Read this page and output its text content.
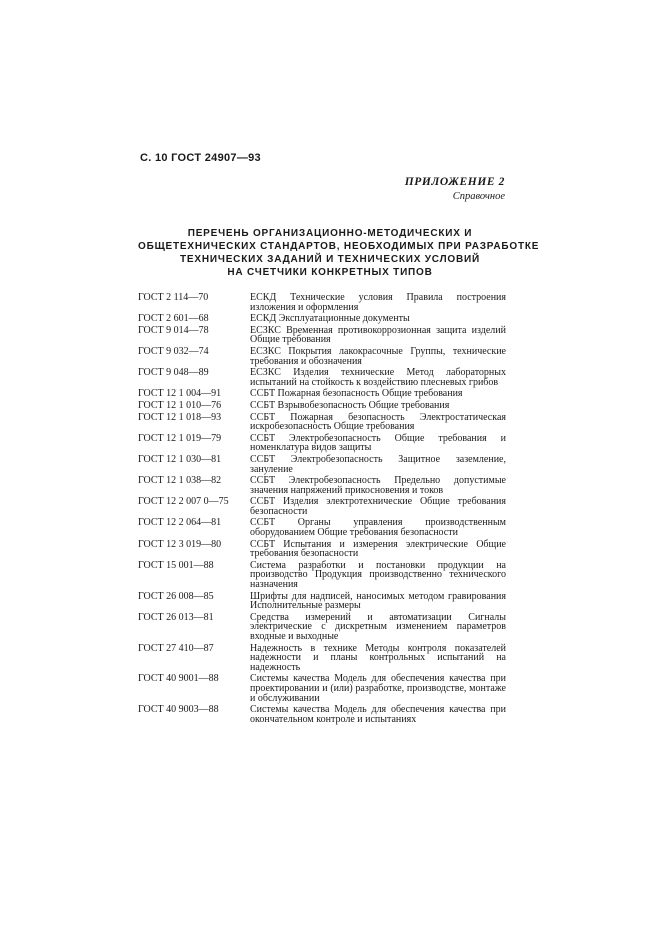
С. 10 ГОСТ 24907—93
ПРИЛОЖЕНИЕ 2
Справочное
ПЕРЕЧЕНЬ ОРГАНИЗАЦИОННО-МЕТОДИЧЕСКИХ И
ОБЩЕТЕХНИЧЕСКИХ СТАНДАРТОВ, НЕОБХОДИМЫХ ПРИ РАЗРАБОТКЕ
ТЕХНИЧЕСКИХ ЗАДАНИЙ И ТЕХНИЧЕСКИХ УСЛОВИЙ
НА СЧЕТЧИКИ КОНКРЕТНЫХ ТИПОВ
ГОСТ 2 114—70	ЕСКД Технические условия Правила построения изложения и оформления
ГОСТ 2 601—68	ЕСКД Эксплуатационные документы
ГОСТ 9 014—78	ЕСЗКС Временная противокоррозионная защита изделий Общие требования
ГОСТ 9 032—74	ЕСЗКС Покрытия лакокрасочные Группы, технические требования и обозначения
ГОСТ 9 048—89	ЕСЗКС Изделия технические Метод лабораторных испытаний на стойкость к воздействию плесневых грибов
ГОСТ 12 1 004—91	ССБТ Пожарная безопасность Общие требования
ГОСТ 12 1 010—76	ССБТ Взрывобезопасность Общие требования
ГОСТ 12 1 018—93	ССБТ Пожарная безопасность Электростатическая искробезопасность Общие требования
ГОСТ 12 1 019—79	ССБТ Электробезопасность Общие требования и номенклатура видов защиты
ГОСТ 12 1 030—81	ССБТ Электробезопасность Защитное заземление, зануление
ГОСТ 12 1 038—82	ССБТ Электробезопасность Предельно допустимые значения напряжений прикосновения и токов
ГОСТ 12 2 007 0—75	ССБТ Изделия электротехнические Общие требования безопасности
ГОСТ 12 2 064—81	ССБТ Органы управления производственным оборудованием Общие требования безопасности
ГОСТ 12 3 019—80	ССБТ Испытания и измерения электрические Общие требования безопасности
ГОСТ 15 001—88	Система разработки и постановки продукции на производство Продукция производственно технического назначения
ГОСТ 26 008—85	Шрифты для надписей, наносимых методом гравирования Исполнительные размеры
ГОСТ 26 013—81	Средства измерений и автоматизации Сигналы электрические с дискретным изменением параметров входные и выходные
ГОСТ 27 410—87	Надежность в технике Методы контроля показателей надежности и планы контрольных испытаний на надежность
ГОСТ 40 9001—88	Системы качества Модель для обеспечения качества при проектировании и (или) разработке, производстве, монтаже и обслуживании
ГОСТ 40 9003—88	Системы качества Модель для обеспечения качества при окончательном контроле и испытаниях
